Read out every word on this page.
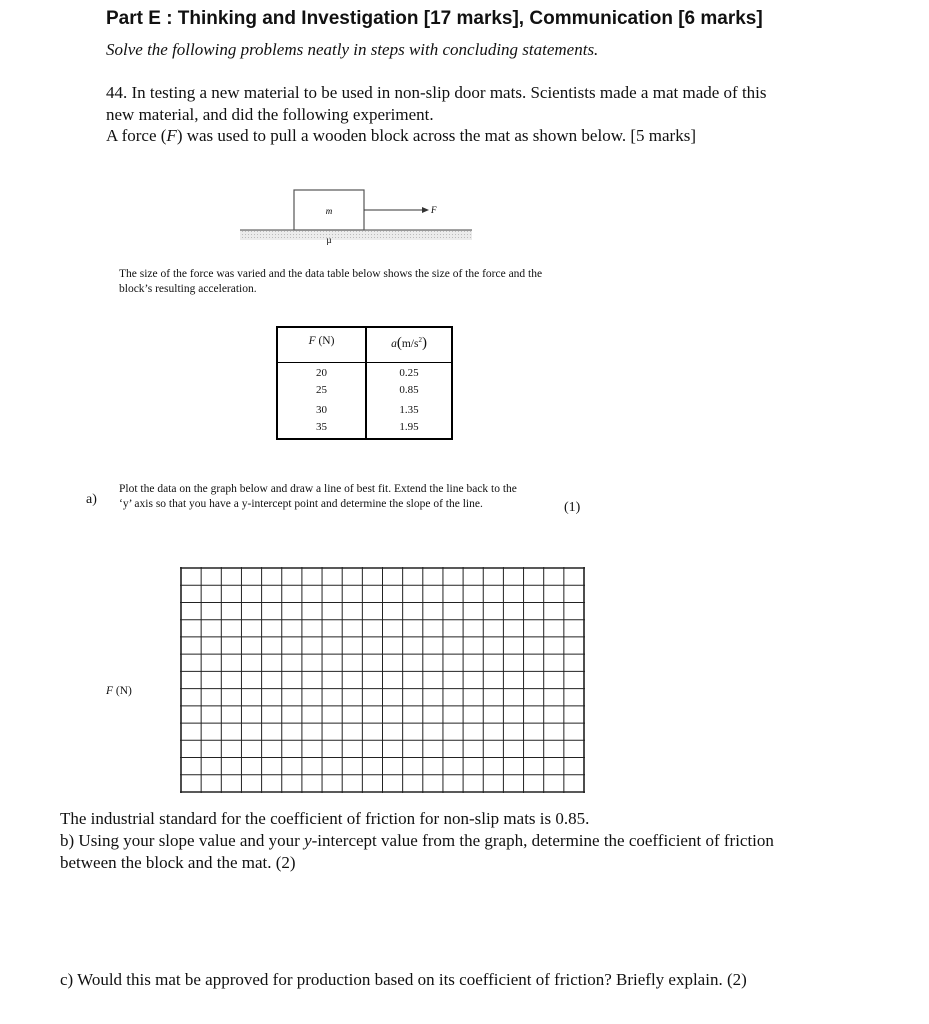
Part E : Thinking and Investigation [17 marks], Communication [6 marks]
Solve the following problems neatly in steps with concluding statements.
44. In testing a new material to be used in non-slip door mats. Scientists made a mat made of this
new material, and did the following experiment.
A force (F) was used to pull a wooden block across the mat as shown below. [5 marks]
m	F
µ
The size of the force was varied and the data table below shows the size of the force and the
block’s resulting acceleration.
F (N)	$a(m/s^2)$
20	0.25
25	0.85
30	1.35
35	1.95
a)
Plot the data on the graph below and draw a line of best fit. Extend the line back to the
‘y’ axis so that you have a y-intercept point and determine the slope of the line.	(1)
F (N)
The industrial standard for the coefficient of friction for non-slip mats is 0.85.
b) Using your slope value and your y-intercept value from the graph, determine the coefficient of friction
between the block and the mat. (2)
c) Would this mat be approved for production based on its coefficient of friction? Briefly explain. (2)
